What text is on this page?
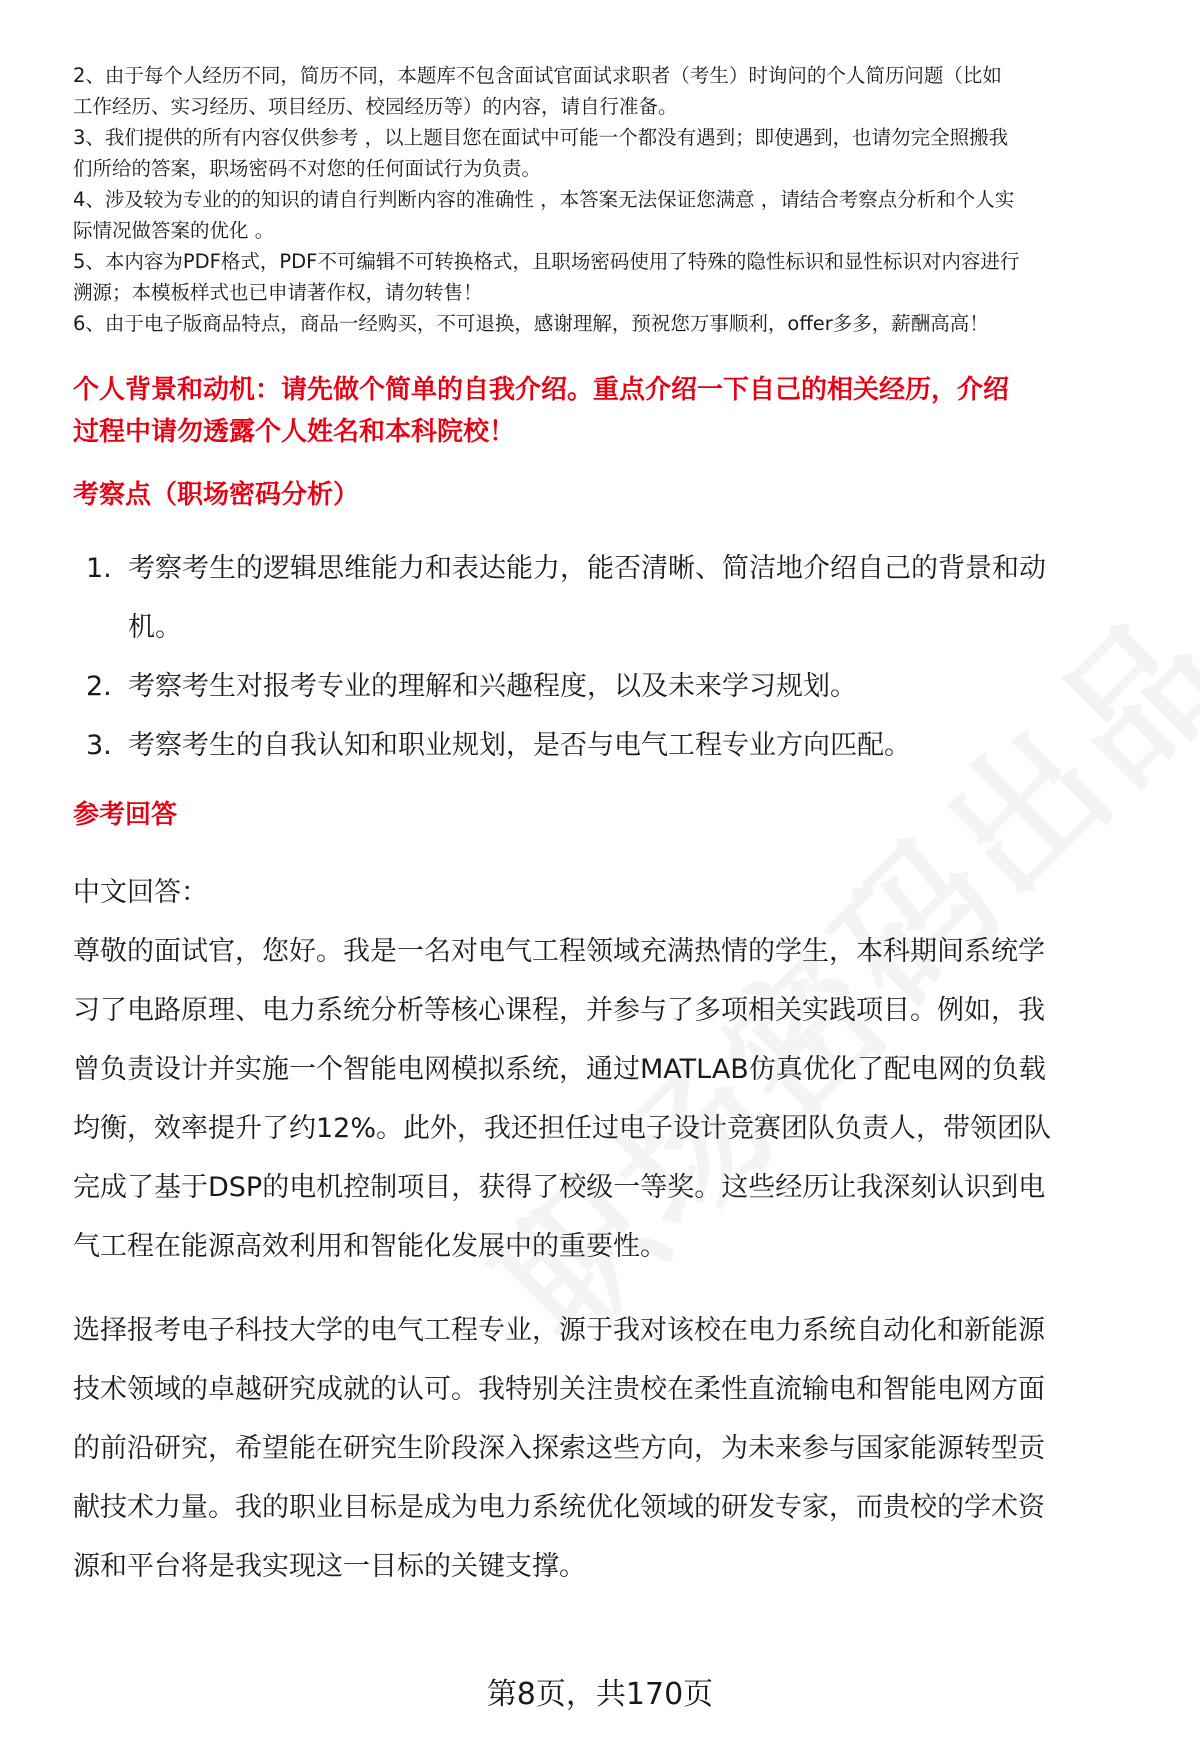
2、由于每个人经历不同，简历不同，本题库不包含面试官面试求职者（考生）时询问的个人简历问题（比如

工作经历、实习经历、项目经历、校园经历等）的内容，请自行准备。

3、我们提供的所有内容仅供参考 ，以上题目您在面试中可能一个都没有遇到；即使遇到，也请勿完全照搬我

们所给的答案，职场密码不对您的任何面试行为负责。

4、涉及较为专业的的知识的请自行判断内容的准确性 ，本答案无法保证您满意 ，请结合考察点分析和个人实

际情况做答案的优化 。

5、本内容为PDF格式，PDF不可编辑不可转换格式，且职场密码使用了特殊的隐性标识和显性标识对内容进行

溯源；本模板样式也已申请著作权，请勿转售！

6、由于电子版商品特点，商品一经购买，不可退换，感谢理解，预祝您万事顺利，offer多多，薪酬高高！

个人背景和动机：请先做个简单的自我介绍。重点介绍一下自己的相关经历，介绍

过程中请勿透露个人姓名和本科院校！

考察点（职场密码分析）
1. 考察考生的逻辑思维能力和表达能力，能否清晰、简洁地介绍自己的背景和动

机。

2. 考察考生对报考专业的理解和兴趣程度，以及未来学习规划。

3. 考察考生的自我认知和职业规划，是否与电气工程专业方向匹配。

参考回答

中文回答：

尊敬的面试官，您好。我是一名对电气工程领域充满热情的学生，本科期间系统学

习了电路原理、电力系统分析等核心课程，并参与了多项相关实践项目。例如，我

曾负责设计并实施一个智能电网模拟系统，通过MATLAB仿真优化了配电网的负载

均衡，效率提升了约12%。此外，我还担任过电子设计竞赛团队负责人，带领团队

完成了基于DSP的电机控制项目，获得了校级一等奖。这些经历让我深刻认识到电

气工程在能源高效利用和智能化发展中的重要性。

选择报考电子科技大学的电气工程专业，源于我对该校在电力系统自动化和新能源

技术领域的卓越研究成就的认可。我特别关注贵校在柔性直流输电和智能电网方面

的前沿研究，希望能在研究生阶段深入探索这些方向，为未来参与国家能源转型贡

献技术力量。我的职业目标是成为电力系统优化领域的研发专家，而贵校的学术资

源和平台将是我实现这一目标的关键支撑。

第8页，共170页
